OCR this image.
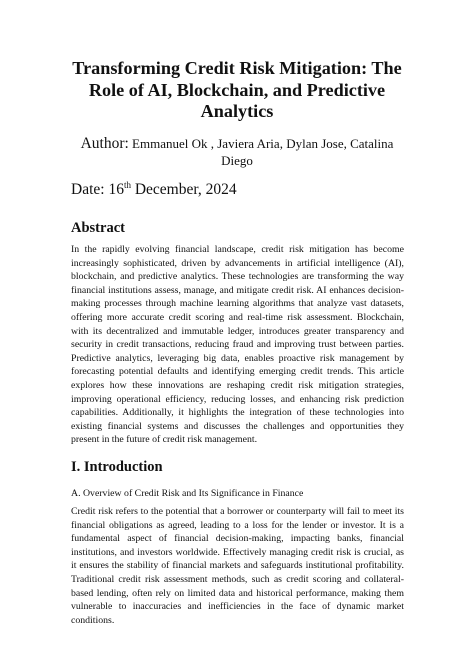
Transforming Credit Risk Mitigation: The Role of AI, Blockchain, and Predictive Analytics
Author: Emmanuel Ok , Javiera Aria, Dylan Jose, Catalina Diego
Date: 16th December, 2024
Abstract

In the rapidly evolving financial landscape, credit risk mitigation has become increasingly sophisticated, driven by advancements in artificial intelligence (AI), blockchain, and predictive analytics. These technologies are transforming the way financial institutions assess, manage, and mitigate credit risk. AI enhances decision-making processes through machine learning algorithms that analyze vast datasets, offering more accurate credit scoring and real-time risk assessment. Blockchain, with its decentralized and immutable ledger, introduces greater transparency and security in credit transactions, reducing fraud and improving trust between parties. Predictive analytics, leveraging big data, enables proactive risk management by forecasting potential defaults and identifying emerging credit trends. This article explores how these innovations are reshaping credit risk mitigation strategies, improving operational efficiency, reducing losses, and enhancing risk prediction capabilities. Additionally, it highlights the integration of these technologies into existing financial systems and discusses the challenges and opportunities they present in the future of credit risk management.

I. Introduction
A. Overview of Credit Risk and Its Significance in Finance

Credit risk refers to the potential that a borrower or counterparty will fail to meet its financial obligations as agreed, leading to a loss for the lender or investor. It is a fundamental aspect of financial decision-making, impacting banks, financial institutions, and investors worldwide. Effectively managing credit risk is crucial, as it ensures the stability of financial markets and safeguards institutional profitability. Traditional credit risk assessment methods, such as credit scoring and collateral-based lending, often rely on limited data and historical performance, making them vulnerable to inaccuracies and inefficiencies in the face of dynamic market conditions.
